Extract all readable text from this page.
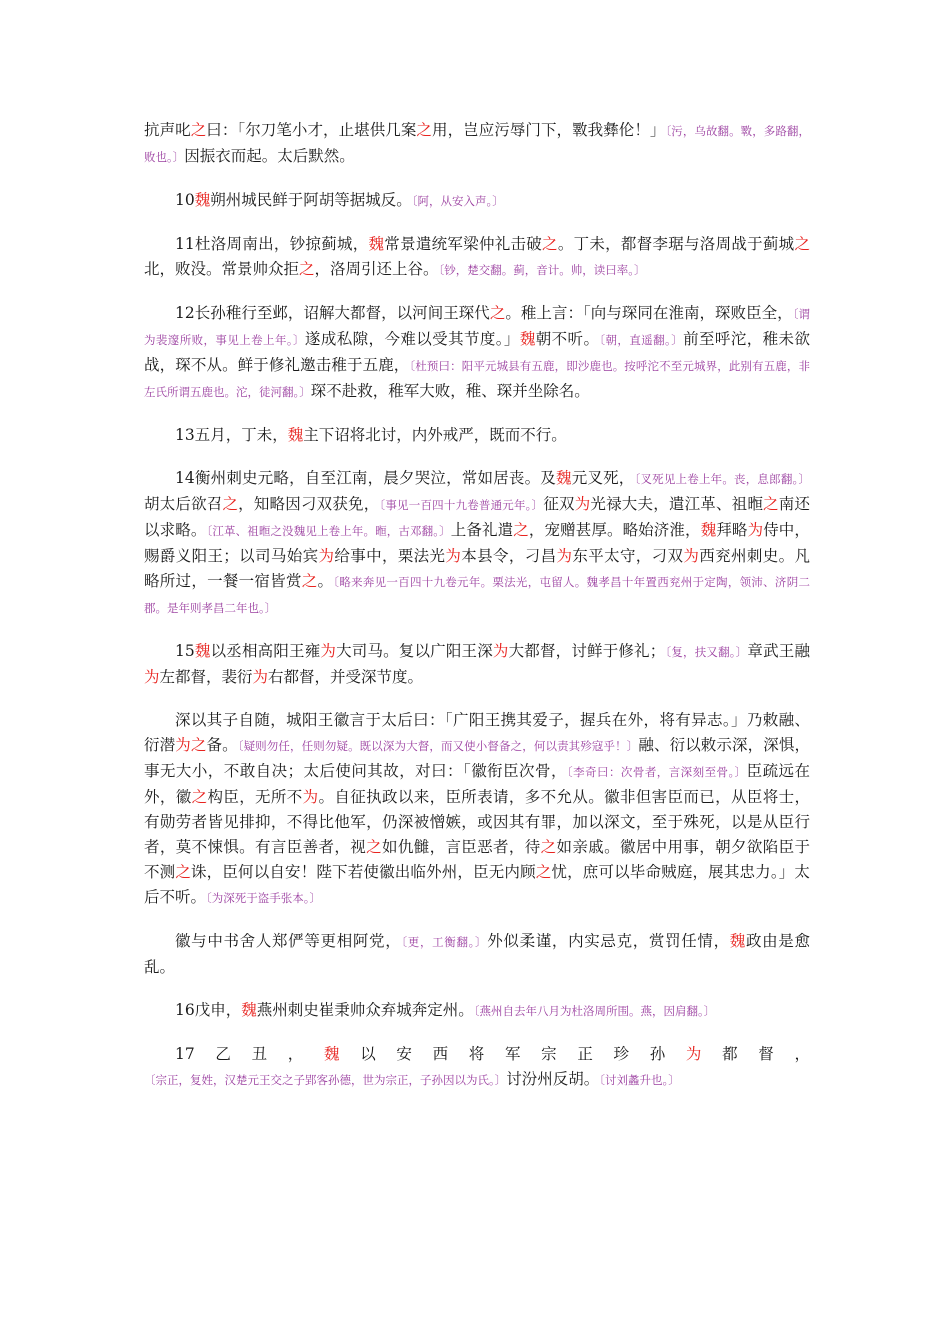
抗声叱之曰：「尔刀笔小才，止堪供几案之用，岂应污辱门下，斁我彝伦！」〔污，乌故翻。斁，多路翻，败也。〕因振衣而起。太后默然。

10魏朔州城民鲜于阿胡等据城反。〔阿，从安入声。〕

11杜洛周南出，钞掠蓟城，魏常景遣统军梁仲礼击破之。丁未，都督李琚与洛周战于蓟城之北，败没。常景帅众拒之，洛周引还上谷。〔钞，楚交翻。蓟，音计。帅，读曰率。〕

12长孙稚行至邺，诏解大都督，以河间王琛代之。稚上言：「向与琛同在淮南，琛败臣全，〔谓为裴邃所败，事见上卷上年。〕遂成私隙，今难以受其节度。」魏朝不听。〔朝，直遥翻。〕前至呼沱，稚未欲战，琛不从。鲜于修礼邀击稚于五鹿，〔杜预曰：阳平元城县有五鹿，即沙鹿也。按呼沱不至元城界，此别有五鹿，非左氏所谓五鹿也。沱，徒河翻。〕琛不赴救，稚军大败，稚、琛并坐除名。

13五月，丁未，魏主下诏将北讨，内外戒严，既而不行。

14衡州刺史元略，自至江南，晨夕哭泣，常如居丧。及魏元叉死，〔叉死见上卷上年。丧，息郎翻。〕胡太后欲召之，知略因刁双获免，〔事见一百四十九卷普通元年。〕征双为光禄大夫，遣江革、祖暅之南还以求略。〔江革、祖暅之没魏见上卷上年。暅，古邓翻。〕上备礼遣之，宠赠甚厚。略始济淮，魏拜略为侍中，赐爵义阳王；以司马始宾为给事中，栗法光为本县令，刁昌为东平太守，刁双为西兖州刺史。凡略所过，一餐一宿皆赏之。〔略来奔见一百四十九卷元年。栗法光，屯留人。魏孝昌十年置西兖州于定陶，领沛、济阴二郡。是年则孝昌二年也。〕

15魏以丞相高阳王雍为大司马。复以广阳王深为大都督，讨鲜于修礼；〔复，扶又翻。〕章武王融为左都督，裴衍为右都督，并受深节度。

深以其子自随，城阳王徽言于太后曰：「广阳王携其爱子，握兵在外，将有异志。」乃敕融、衍潜为之备。〔疑则勿任，任则勿疑。既以深为大督，而又使小督备之，何以责其殄寇乎！〕融、衍以敕示深，深惧，事无大小，不敢自决；太后使问其故，对曰：「徽衔臣次骨，〔李奇曰：次骨者，言深刻至骨。〕臣疏远在外，徽之构臣，无所不为。自征执政以来，臣所表请，多不允从。徽非但害臣而已，从臣将士，有勋劳者皆见排抑，不得比他军，仍深被憎嫉，或因其有罪，加以深文，至于殊死，以是从臣行者，莫不悚惧。有言臣善者，视之如仇雠，言臣恶者，待之如亲戚。徽居中用事，朝夕欲陷臣于不测之诛，臣何以自安！陛下若使徽出临外州，臣无内顾之忧，庶可以毕命贼庭，展其忠力。」太后不听。〔为深死于盗手张本。〕

徽与中书舍人郑俨等更相阿党，〔更，工衡翻。〕外似柔谨，内实忌克，赏罚任情，魏政由是愈乱。

16戊申，魏燕州刺史崔秉帅众弃城奔定州。〔燕州自去年八月为杜洛周所围。燕，因肩翻。〕

17乙丑，魏以安西将军宗正珍孙为都督，〔宗正，复姓，汉楚元王交之子郢客孙德，世为宗正，子孙因以为氏。〕讨汾州反胡。〔讨刘蠡升也。〕
